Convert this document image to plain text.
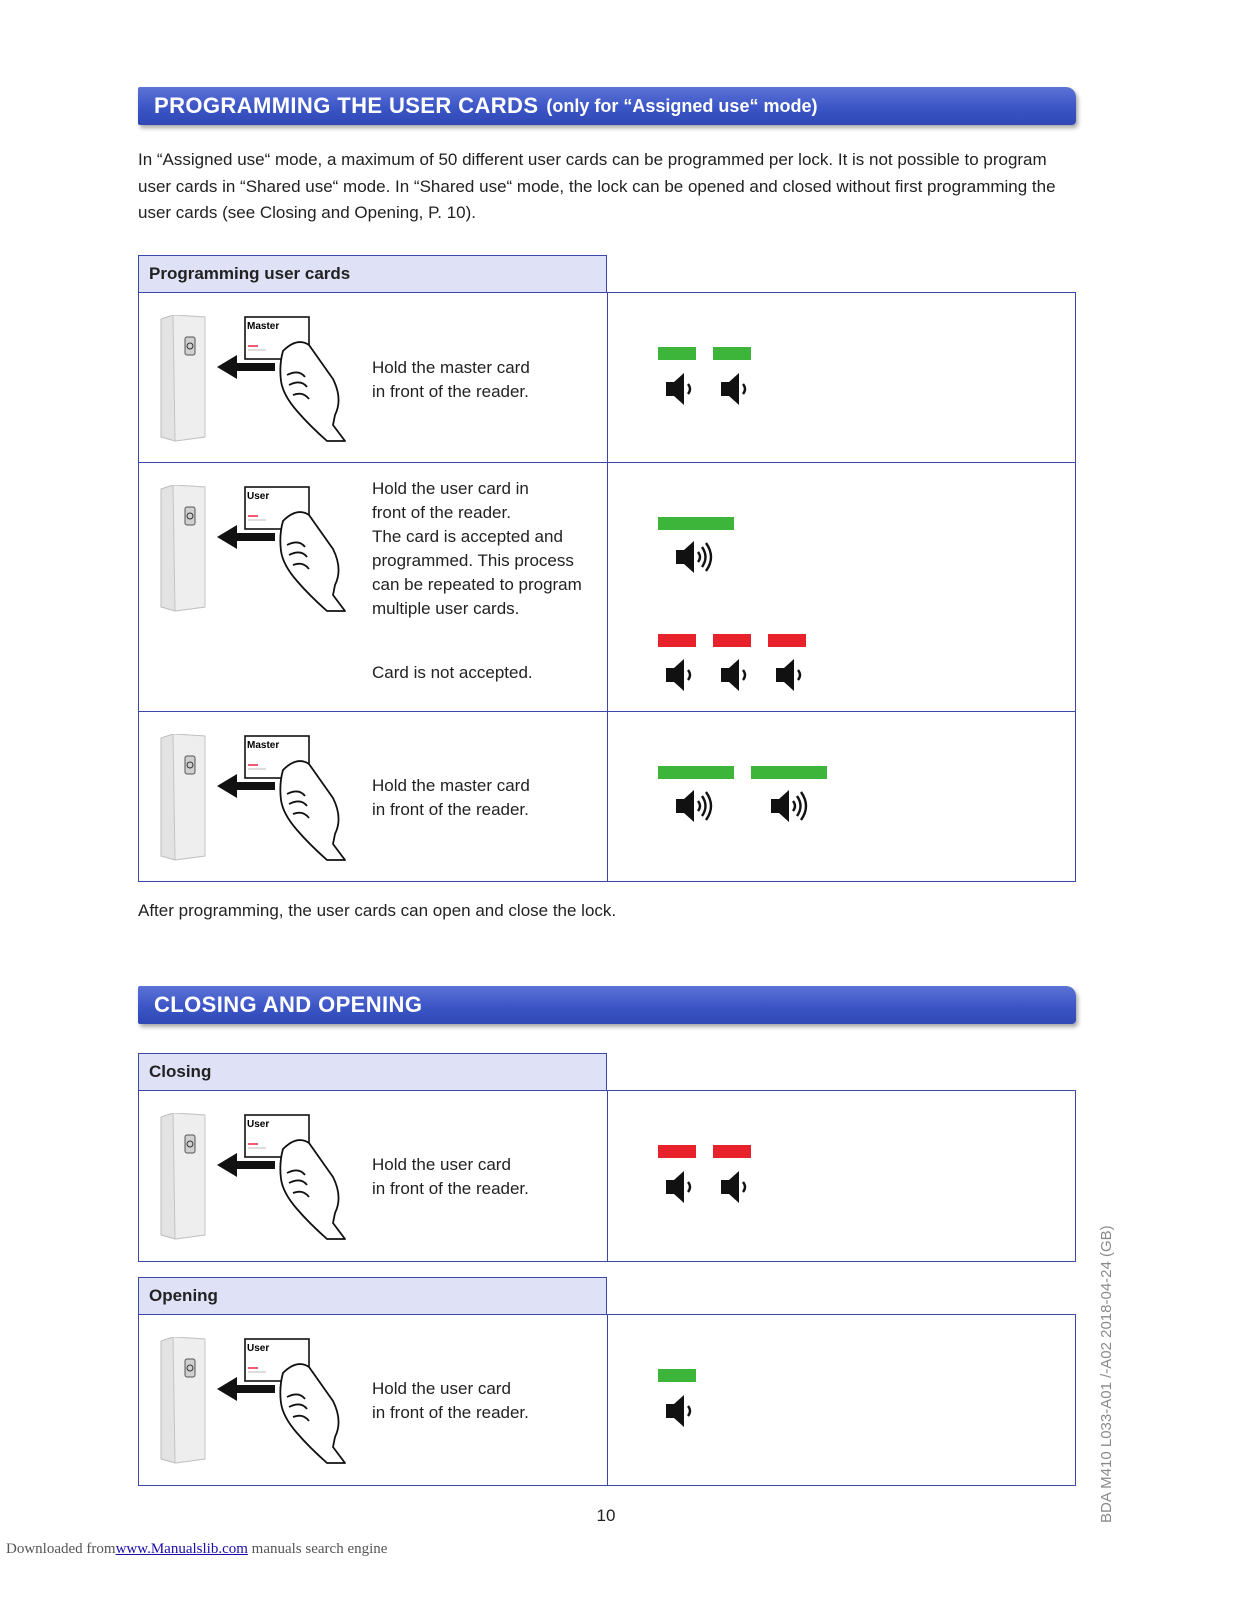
PROGRAMMING THE USER CARDS (only for “Assigned use“ mode)

In “Assigned use“ mode, a maximum of 50 different user cards can be programmed per lock. It is not possible to program user cards in “Shared use“ mode. In “Shared use“ mode, the lock can be opened and closed without first programming the user cards (see Closing and Opening, P. 10).

Programming user cards
Master

Hold the master card
in front of the reader.

User	Hold the user card in
front of the reader.
The card is accepted and
programmed. This process
can be repeated to program
multiple user cards.

Card is not accepted.

Master

Hold the master card
in front of the reader.

After programming, the user cards can open and close the lock.

CLOSING AND OPENING
Closing
User

Hold the user card
in front of the reader.

Opening
User

Hold the user card
in front of the reader.

10	BDA M410 L033-A01 /-A02 2018-04-24 (GB)
Downloaded fromwww.Manualslib.com manuals search engine
